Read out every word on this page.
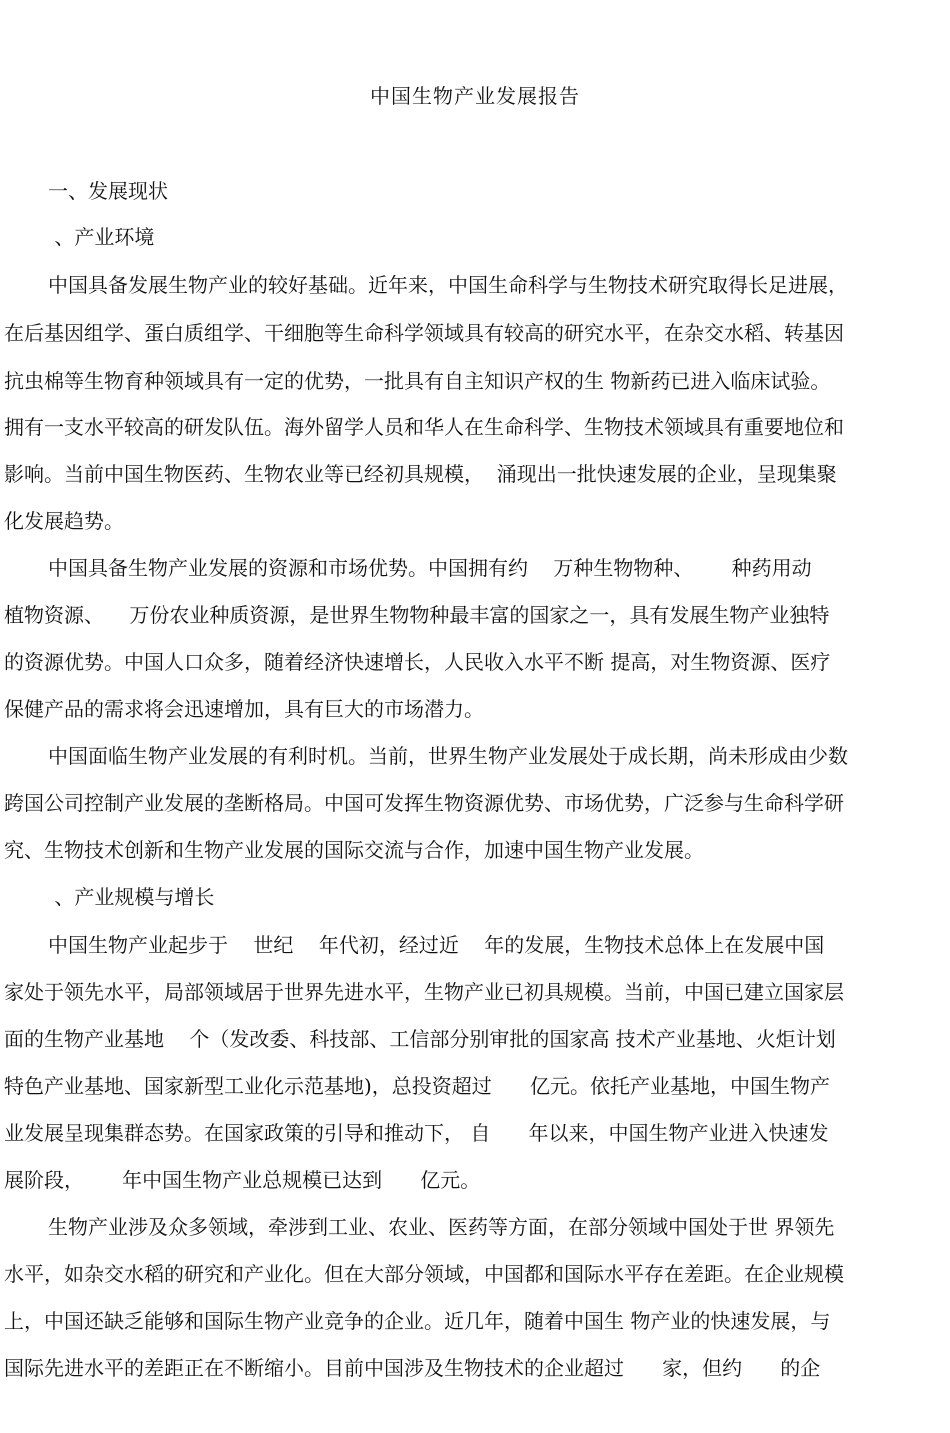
中国生物产业发展报告
一、发展现状
、产业环境
中国具备发展生物产业的较好基础。近年来，中国生命科学与生物技术研究取得长足进展，
在后基因组学、蛋白质组学、干细胞等生命科学领域具有较高的研究水平，在杂交水稻、转基因
抗虫棉等生物育种领域具有一定的优势，一批具有自主知识产权的生 物新药已进入临床试验。
拥有一支水平较高的研发队伍。海外留学人员和华人在生命科学、生物技术领域具有重要地位和
影响。当前中国生物医药、生物农业等已经初具规模，  涌现出一批快速发展的企业，呈现集聚
化发展趋势。
中国具备生物产业发展的资源和市场优势。中国拥有约    万种生物物种、      种药用动
植物资源、    万份农业种质资源，是世界生物物种最丰富的国家之一，具有发展生物产业独特
的资源优势。中国人口众多，随着经济快速增长，人民收入水平不断 提高，对生物资源、医疗
保健产品的需求将会迅速增加，具有巨大的市场潜力。
中国面临生物产业发展的有利时机。当前，世界生物产业发展处于成长期，尚未形成由少数
跨国公司控制产业发展的垄断格局。中国可发挥生物资源优势、市场优势，广泛参与生命科学研
究、生物技术创新和生物产业发展的国际交流与合作，加速中国生物产业发展。
、产业规模与增长
中国生物产业起步于    世纪    年代初，经过近    年的发展，生物技术总体上在发展中国
家处于领先水平，局部领域居于世界先进水平，生物产业已初具规模。当前，中国已建立国家层
面的生物产业基地    个（发改委、科技部、工信部分别审批的国家高 技术产业基地、火炬计划
特色产业基地、国家新型工业化示范基地)，总投资超过      亿元。依托产业基地，中国生物产
业发展呈现集群态势。在国家政策的引导和推动下， 自      年以来，中国生物产业进入快速发
展阶段，      年中国生物产业总规模已达到      亿元。
生物产业涉及众多领域，牵涉到工业、农业、医药等方面，在部分领域中国处于世 界领先
水平，如杂交水稻的研究和产业化。但在大部分领域，中国都和国际水平存在差距。在企业规模
上，中国还缺乏能够和国际生物产业竞争的企业。近几年，随着中国生 物产业的快速发展，与
国际先进水平的差距正在不断缩小。目前中国涉及生物技术的企业超过      家，但约      的企
